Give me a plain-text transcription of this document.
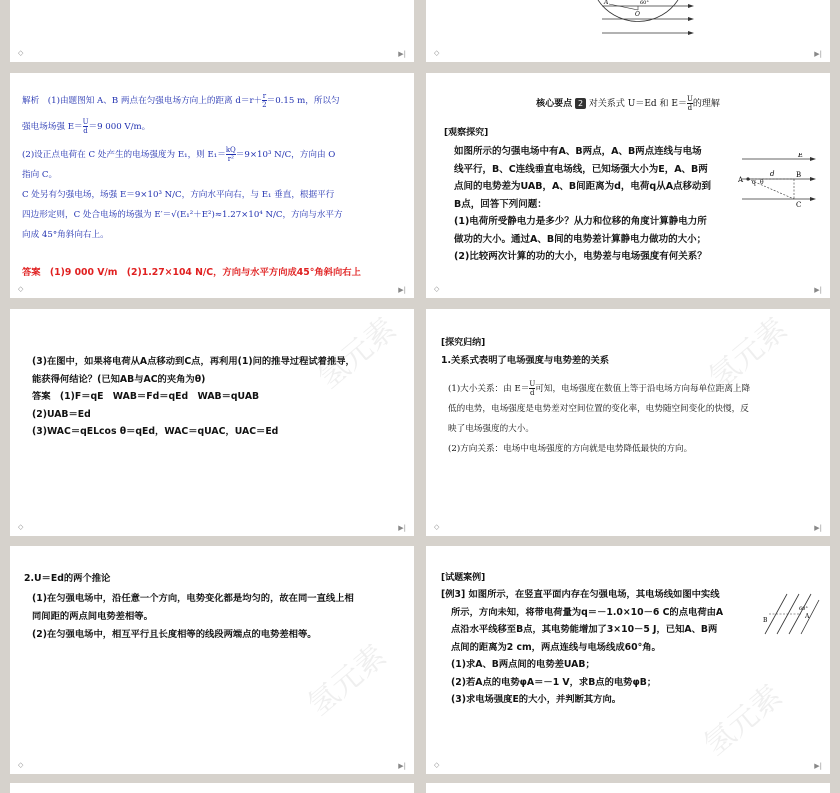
◇	▶|
A
O
60°
◇	▶|
解析　(1)由题图知 A、B 两点在匀强电场方向上的距离 $d=r+ \frac{r}{2} =0.15$ m，所以匀
强电场场强 $E= \frac{U}{d} =9$ 000 V/m。
(2)设正点电荷在 C 处产生的电场强度为 E₁，则 $E_1= \frac{kQ}{\text{r²}} =9\times 10^3$ N/C，方向由 O
指向 C。
C 处另有匀强电场，场强 E＝9×10³ N/C，方向水平向右，与 E₁ 垂直，根据平行
四边形定则，C 处合电场的场强为 E′＝√(E₁²＋E²)≈1.27×10⁴ N/C，方向与水平方
向成 45°角斜向右上。
答案　(1)9 000 V/m　(2)1.27×104 N/C，方向与水平方向成45°角斜向右上
◇	▶|
核心要点 2 对关系式 U＝Ed 和 $E= \frac{U}{d}$ 的理解
[观察探究]
如图所示的匀强电场中有A、B两点，A、B两点连线与电场
线平行，B、C连线垂直电场线，已知场强大小为E，A、B两
点间的电势差为UAB，A、B间距离为d，电荷q从A点移动到
B点，回答下列问题：
(1)电荷所受静电力是多少？从力和位移的角度计算静电力所
做功的大小。通过A、B间的电势差计算静电力做功的大小；
(2)比较两次计算的功的大小，电势差与电场强度有何关系？
A q θ
d	B
C
E
◇	▶|
氢元素
(3)在图中，如果将电荷从A点移动到C点，再利用(1)问的推导过程试着推导，
能获得何结论？(已知AB与AC的夹角为θ)
答案　(1)F＝qE　WAB＝Fd＝qEd　WAB＝qUAB
(2)UAB＝Ed
(3)WAC＝qELcos θ＝qEd，WAC＝qUAC，UAC＝Ed
◇	▶|
氢元素
[探究归纳]
1.关系式表明了电场强度与电势差的关系
(1)大小关系：由 $E= \frac{U}{d}$ 可知，电场强度在数值上等于沿电场方向每单位距离上降
低的电势，电场强度是电势差对空间位置的变化率，电势随空间变化的快慢，反
映了电场强度的大小。
(2)方向关系：电场中电场强度的方向就是电势降低最快的方向。
◇	▶|
氢元素
2.U＝Ed的两个推论
(1)在匀强电场中，沿任意一个方向，电势变化都是均匀的，故在同一直线上相
同间距的两点间电势差相等。
(2)在匀强电场中，相互平行且长度相等的线段两端点的电势差相等。
◇	▶|
氢元素
[试题案例]
[例3] 如图所示，在竖直平面内存在匀强电场，其电场线如图中实线
所示，方向未知，将带电荷量为q＝－1.0×10－6 C的点电荷由A
点沿水平线移至B点，其电势能增加了3×10－5 J，已知A、B两
点间的距离为2 cm，两点连线与电场线成60°角。
(1)求A、B两点间的电势差UAB；
(2)若A点的电势φA＝－1 V，求B点的电势φB；
(3)求电场强度E的大小，并判断其方向。
B
A
60°
◇	▶|
